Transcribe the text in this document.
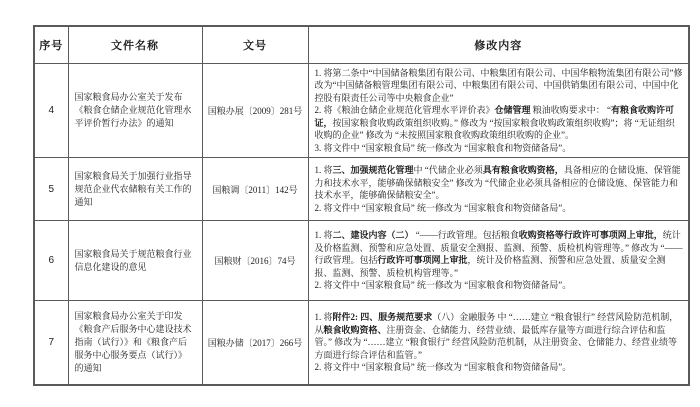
序号	文件名称	文号	修改内容
4	国家粮食局办公室关于发布《粮食仓储企业规范化管理水平评价暂行办法》的通知	国粮办展〔2009〕281号	1. 将第二条中“中国储备粮集团有限公司、中粮集团有限公司、中国华粮物流集团有限公司”修改为“中国储备粮管理集团有限公司、中粮集团有限公司、中国供销集团有限公司、中国中化控股有限责任公司等中央粮食企业”
2. 将《粮油仓储企业规范化管理水平评价表》仓储管理 粮油收购要求中： “有粮食收购许可证，按国家粮食收购政策组织收购。” 修改为 “按国家粮食收购政策组织收购”；将 “无证组织收购的企业” 修改为 “未按照国家粮食收购政策组织收购的企业”。
3. 将文件中 “国家粮食局” 统一修改为 “国家粮食和物资储备局”。

5	国家粮食局关于加强行业指导规范企业代农储粮有关工作的通知	国粮调〔2011〕142号	1. 将三、加强规范化管理中 “代储企业必须具有粮食收购资格，具备相应的仓储设施、保管能力和技术水平，能够确保储粮安全” 修改为 “代储企业必须具备相应的仓储设施、保管能力和技术水平，能够确保储粮安全”。
2. 将文件中 “国家粮食局” 统一修改为 “国家粮食和物资储备局”。

6	国家粮食局关于规范粮食行业信息化建设的意见	国粮财〔2016〕74号	1. 将二、建设内容（二） “——行政管理。包括粮食收购资格等行政许可事项网上审批，统计及价格监测、预警和应急处置、质量安全测报、监测、预警、质检机构管理等。” 修改为 “——行政管理。包括行政许可事项网上审批，统计及价格监测、预警和应急处置、质量安全测报、监测、预警、质检机构管理等。”
2. 将文件中 “国家粮食局” 统一修改为 “国家粮食和物资储备局”。

7	国家粮食局办公室关于印发《粮食产后服务中心建设技术指南（试行）》和《粮食产后服务中心服务要点（试行）》的通知	国粮办储〔2017〕266号	1. 将附件2: 四、服务规范要求（八）金融服务 中 “……建立 “粮食银行” 经营风险防范机制，从粮食收购资格、注册资金、仓储能力、经营业绩、最低库存量等方面进行综合评估和监管。” 修改为 “……建立 “粮食银行” 经营风险防范机制，从注册资金、仓储能力、经营业绩等方面进行综合评估和监管。”
2. 将文件中 “国家粮食局” 统一修改为 “国家粮食和物资储备局”。
